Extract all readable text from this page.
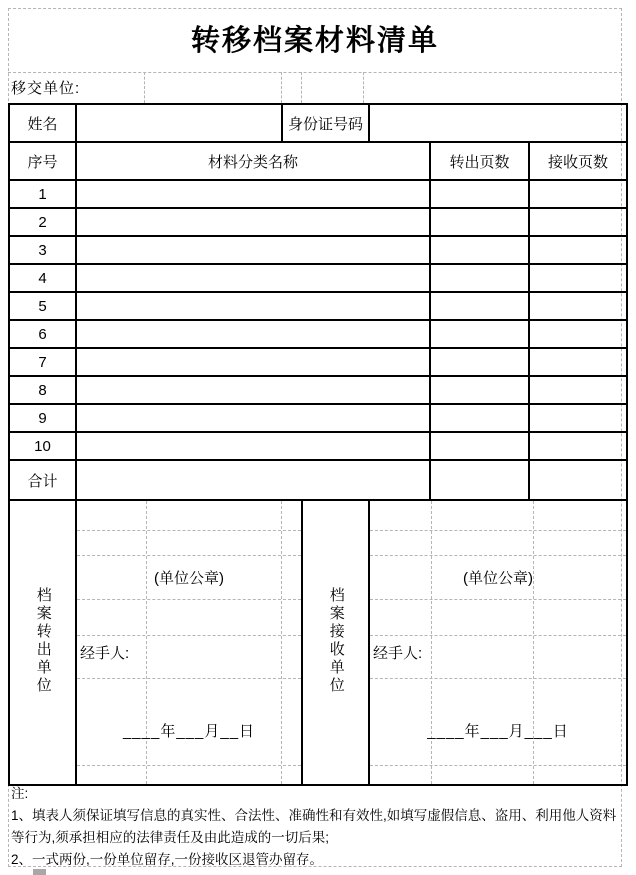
转移档案材料清单
移交单位:
姓名		身份证号码				
序号	材料分类名称				转出页数	接收页数
1						
2						
3						
4						
5						
6						
7						
8						
9						
10						
合计						
档案转出单位	
(单位公章)
经手人:
____年___月__日
	档案接收单位	
(单位公章)
经手人:
____年___月___日
注:
1、填表人须保证填写信息的真实性、合法性、准确性和有效性,如填写虚假信息、盗用、利用他人资料
等行为,须承担相应的法律责任及由此造成的一切后果;
2、一式两份,一份单位留存,一份接收区退管办留存。
